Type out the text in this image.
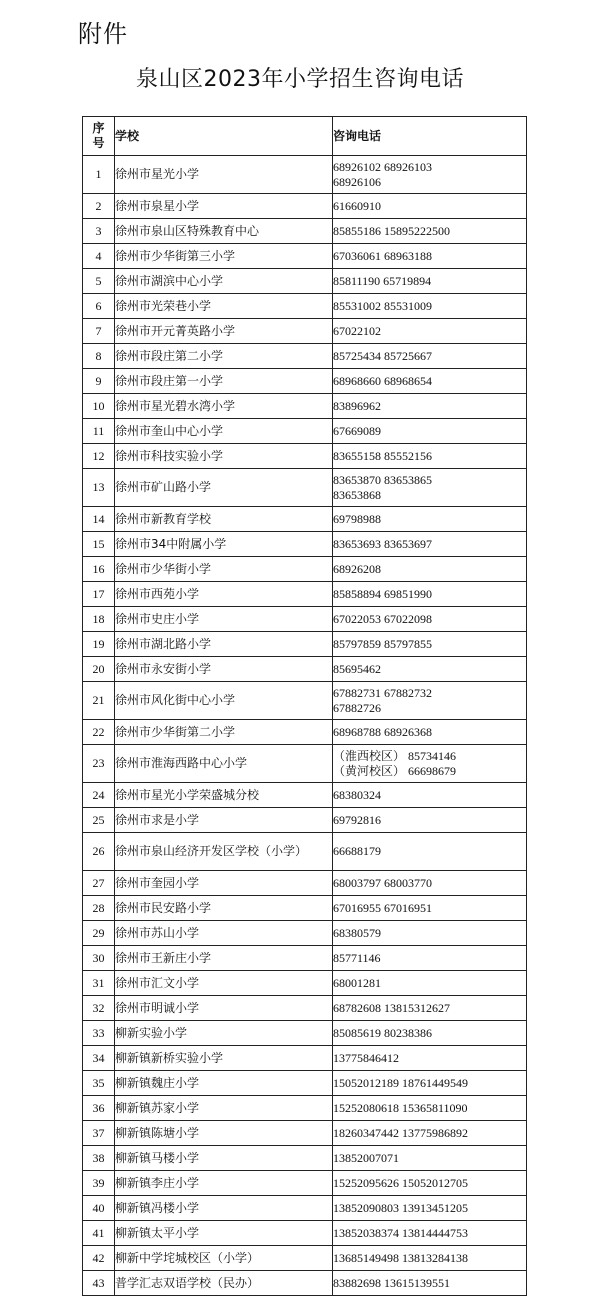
附件
泉山区2023年小学招生咨询电话
序
号	学校	咨询电话
1	徐州市星光小学	68926102 68926103
68926106
2	徐州市泉星小学	61660910
3	徐州市泉山区特殊教育中心	85855186 15895222500
4	徐州市少华街第三小学	67036061 68963188
5	徐州市湖滨中心小学	85811190 65719894
6	徐州市光荣巷小学	85531002 85531009
7	徐州市开元菁英路小学	67022102
8	徐州市段庄第二小学	85725434 85725667
9	徐州市段庄第一小学	68968660 68968654
10	徐州市星光碧水湾小学	83896962
11	徐州市奎山中心小学	67669089
12	徐州市科技实验小学	83655158 85552156
13	徐州市矿山路小学	83653870 83653865
83653868
14	徐州市新教育学校	69798988
15	徐州市34中附属小学	83653693 83653697
16	徐州市少华街小学	68926208
17	徐州市西苑小学	85858894 69851990
18	徐州市史庄小学	67022053 67022098
19	徐州市湖北路小学	85797859 85797855
20	徐州市永安街小学	85695462
21	徐州市风化街中心小学	67882731 67882732
67882726
22	徐州市少华街第二小学	68968788 68926368
23	徐州市淮海西路中心小学	（淮西校区） 85734146
（黄河校区） 66698679
24	徐州市星光小学荣盛城分校	68380324
25	徐州市求是小学	69792816
26	徐州市泉山经济开发区学校（小学）	66688179
27	徐州市奎园小学	68003797 68003770
28	徐州市民安路小学	67016955 67016951
29	徐州市苏山小学	68380579
30	徐州市王新庄小学	85771146
31	徐州市汇文小学	68001281
32	徐州市明诚小学	68782608 13815312627
33	柳新实验小学	85085619 80238386
34	柳新镇新桥实验小学	13775846412
35	柳新镇魏庄小学	15052012189 18761449549
36	柳新镇苏家小学	15252080618 15365811090
37	柳新镇陈塘小学	18260347442 13775986892
38	柳新镇马楼小学	13852007071
39	柳新镇李庄小学	15252095626 15052012705
40	柳新镇冯楼小学	13852090803 13913451205
41	柳新镇太平小学	13852038374 13814444753
42	柳新中学垞城校区（小学）	13685149498 13813284138
43	普学汇志双语学校（民办）	83882698 13615139551
